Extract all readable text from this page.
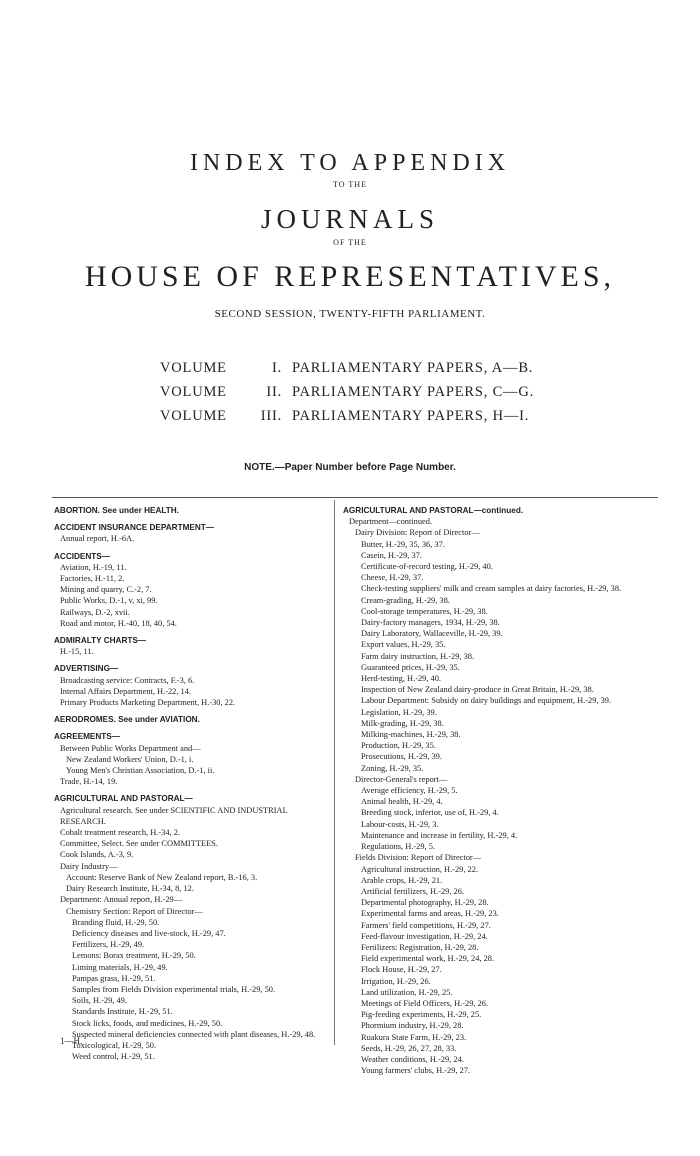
INDEX TO APPENDIX
TO THE
JOURNALS
OF THE
HOUSE OF REPRESENTATIVES,
SECOND SESSION, TWENTY-FIFTH PARLIAMENT.
VOLUME	I. PARLIAMENTARY PAPERS, A—B.
VOLUME	II. PARLIAMENTARY PAPERS, C—G.
VOLUME III. PARLIAMENTARY PAPERS, H—I.
NOTE.—Paper Number before Page Number.
ABORTION. See under HEALTH.
ACCIDENT INSURANCE DEPARTMENT—
Annual report, H.-6A.
ACCIDENTS—
Aviation, H.-19, 11.
Factories, H.-11, 2.
Mining and quarry, C.-2, 7.
Public Works, D.-1, v, xi, 99.
Railways, D.-2, xvii.
Road and motor, H.-40, 18, 40, 54.
ADMIRALTY CHARTS—
H.-15, 11.
ADVERTISING—
Broadcasting service: Contracts, F.-3, 6.
Internal Affairs Department, H.-22, 14.
Primary Products Marketing Department, H.-30, 22.
AERODROMES. See under AVIATION.
AGREEMENTS—
Between Public Works Department and—
New Zealand Workers' Union, D.-1, i.
Young Men's Christian Association, D.-1, ii.
Trade, H.-14, 19.
AGRICULTURAL AND PASTORAL—
Agricultural research. See under SCIENTIFIC AND INDUSTRIAL RESEARCH.
Cobalt treatment research, H.-34, 2.
Committee, Select. See under COMMITTEES.
Cook Islands, A.-3, 9.
Dairy Industry—
Account: Reserve Bank of New Zealand report, B.-16, 3.
Dairy Research Institute, H.-34, 8, 12.
Department: Annual report, H.-29—
Chemistry Section: Report of Director—
Branding fluid, H.-29, 50.
Deficiency diseases and live-stock, H.-29, 47.
Fertilizers, H.-29, 49.
Lemons: Borax treatment, H.-29, 50.
Liming materials, H.-29, 49.
Pampas grass, H.-29, 51.
Samples from Fields Division experimental trials, H.-29, 50.
Soils, H.-29, 49.
Standards Institute, H.-29, 51.
Stock licks, foods, and medicines, H.-29, 50.
Suspected mineral deficiencies connected with plant diseases, H.-29, 48.
Toxicological, H.-29, 50.
Weed control, H.-29, 51.
AGRICULTURAL AND PASTORAL—continued.
Department—continued.
Dairy Division: Report of Director—
Butter, H.-29, 35, 36, 37.
Casein, H.-29, 37.
Certificate-of-record testing, H.-29, 40.
Cheese, H.-29, 37.
Check-testing suppliers' milk and cream samples at dairy factories, H.-29, 38.
Cream-grading, H.-29, 38.
Cool-storage temperatures, H.-29, 38.
Dairy-factory managers, 1934, H.-29, 38.
Dairy Laboratory, Wallaceville, H.-29, 39.
Export values, H.-29, 35.
Farm dairy instruction, H.-29, 38.
Guaranteed prices, H.-29, 35.
Herd-testing, H.-29, 40.
Inspection of New Zealand dairy-produce in Great Britain, H.-29, 38.
Labour Department: Subsidy on dairy buildings and equipment, H.-29, 39.
Legislation, H.-29, 39.
Milk-grading, H.-29, 38.
Milking-machines, H.-29, 38.
Production, H.-29, 35.
Prosecutions, H.-29, 39.
Zoning, H.-29, 35.
Director-General's report—
Average efficiency, H.-29, 5.
Animal health, H.-29, 4.
Breeding stock, inferior, use of, H.-29, 4.
Labour-costs, H.-29, 3.
Maintenance and increase in fertility, H.-29, 4.
Regulations, H.-29, 5.
Fields Division: Report of Director—
Agricultural instruction, H.-29, 22.
Arable crops, H.-29, 21.
Artificial fertilizers, H.-29, 26.
Departmental photography, H.-29, 28.
Experimental farms and areas, H.-29, 23.
Farmers' field competitions, H.-29, 27.
Feed-flavour investigation, H.-29, 24.
Fertilizers: Registration, H.-29, 28.
Field experimental work, H.-29, 24, 28.
Flock House, H.-29, 27.
Irrigation, H.-29, 26.
Land utilization, H.-29, 25.
Meetings of Field Officers, H.-29, 26.
Pig-feeding experiments, H.-29, 25.
Phormium industry, H.-29, 28.
Ruakura State Farm, H.-29, 23.
Seeds, H.-29, 26, 27, 28, 33.
Weather conditions, H.-29, 24.
Young farmers' clubs, H.-29, 27.
1—H.
